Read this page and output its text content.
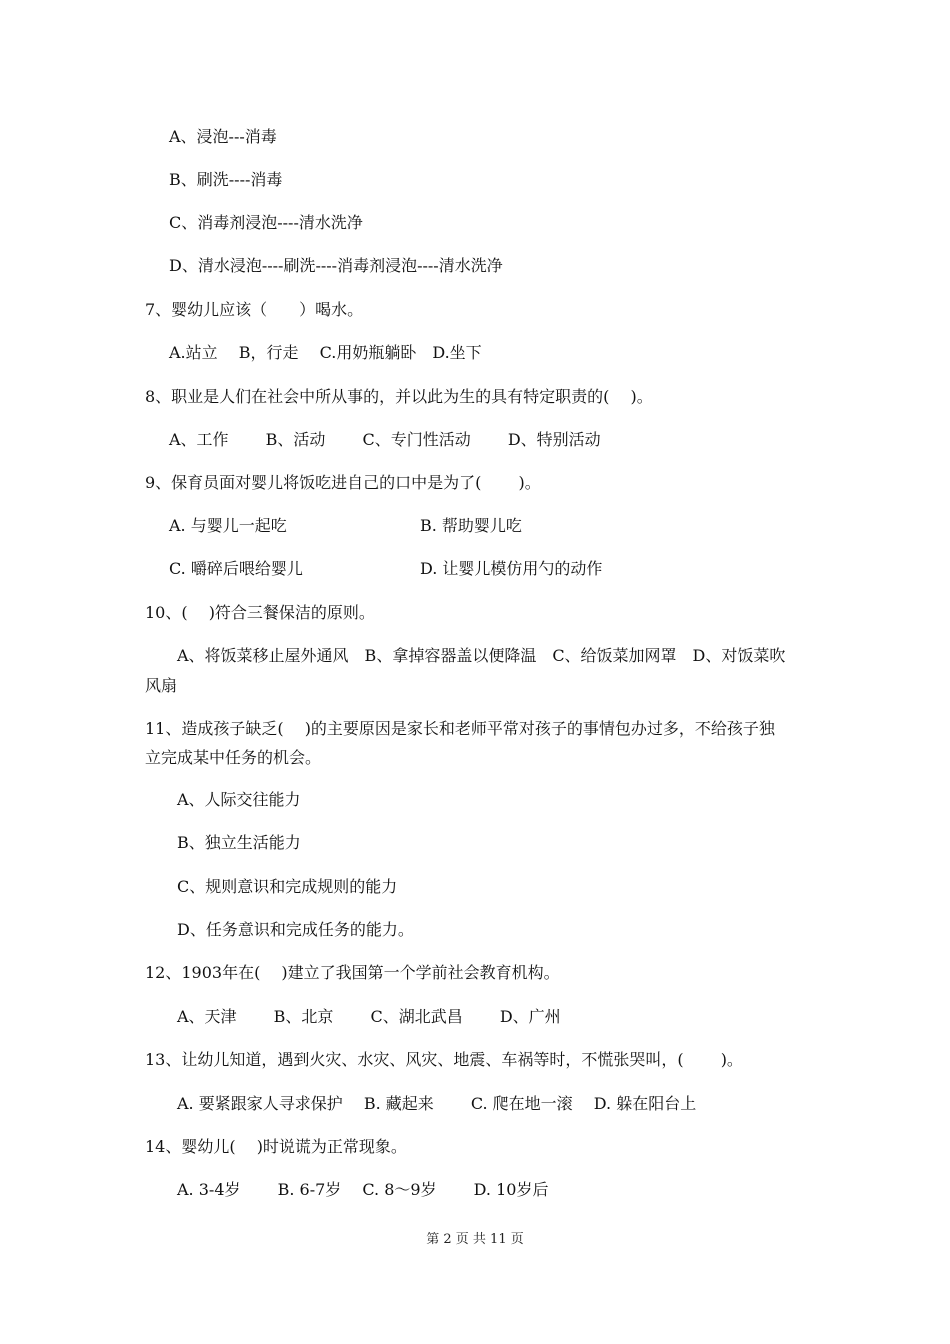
A、浸泡---消毒
B、刷洗----消毒
C、消毒剂浸泡----清水洗净
D、清水浸泡----刷洗----消毒剂浸泡----清水洗净
7、婴幼儿应该（　　）喝水。
A.站立　 B，行走　 C.用奶瓶躺卧　D.坐下
8、职业是人们在社会中所从事的，并以此为生的具有特定职责的(　 )。
A、工作　 　B、活动　 　C、专门性活动　 　D、特别活动
9、保育员面对婴儿将饭吃进自己的口中是为了(　 　)。
A. 与婴儿一起吃	B. 帮助婴儿吃
C. 嚼碎后喂给婴儿	D. 让婴儿模仿用勺的动作
10、(　 )符合三餐保洁的原则。
A、将饭菜移止屋外通风　B、拿掉容器盖以便降温　C、给饭菜加网罩　D、对饭菜吹
风扇
11、造成孩子缺乏(　 )的主要原因是家长和老师平常对孩子的事情包办过多，不给孩子独
立完成某中任务的机会。
A、人际交往能力
B、独立生活能力
C、规则意识和完成规则的能力
D、任务意识和完成任务的能力。
12、1903年在(　 )建立了我国第一个学前社会教育机构。
A、天津　 　B、北京　 　C、湖北武昌　 　D、广州
13、让幼儿知道，遇到火灾、水灾、风灾、地震、车祸等时，不慌张哭叫，(　 　)。
A. 要紧跟家人寻求保护　 B. 藏起来　 　C. 爬在地一滚　 D. 躲在阳台上
14、婴幼儿(　 )时说谎为正常现象。
A. 3-4岁　 　B. 6-7岁　 C. 8～9岁　 　D. 10岁后
第 2 页 共 11 页
